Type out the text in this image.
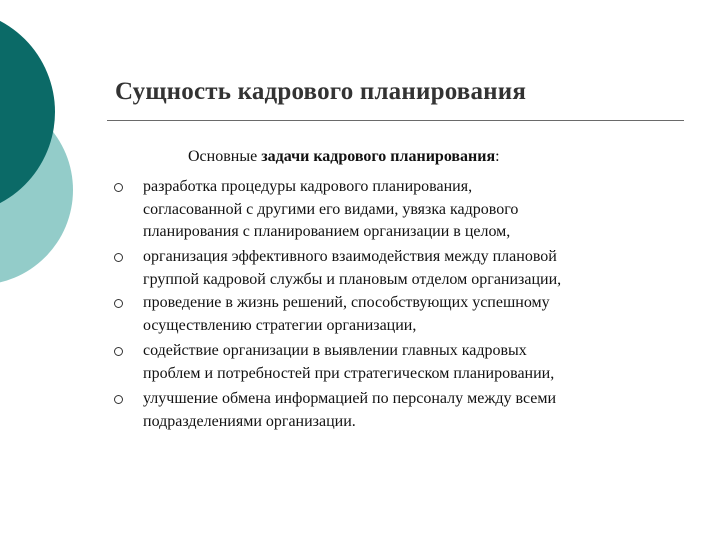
Сущность кадрового планирования
Основные задачи кадрового планирования:
разработка процедуры кадрового планирования,
согласованной с другими его видами, увязка кадрового
планирования с планированием организации в целом,
организация эффективного взаимодействия между плановой
группой кадровой службы и плановым отделом организации,
проведение в жизнь решений, способствующих успешному
осуществлению стратегии организации,
содействие организации в выявлении главных кадровых
проблем и потребностей при стратегическом планировании,
улучшение обмена информацией по персоналу между всеми
подразделениями организации.
